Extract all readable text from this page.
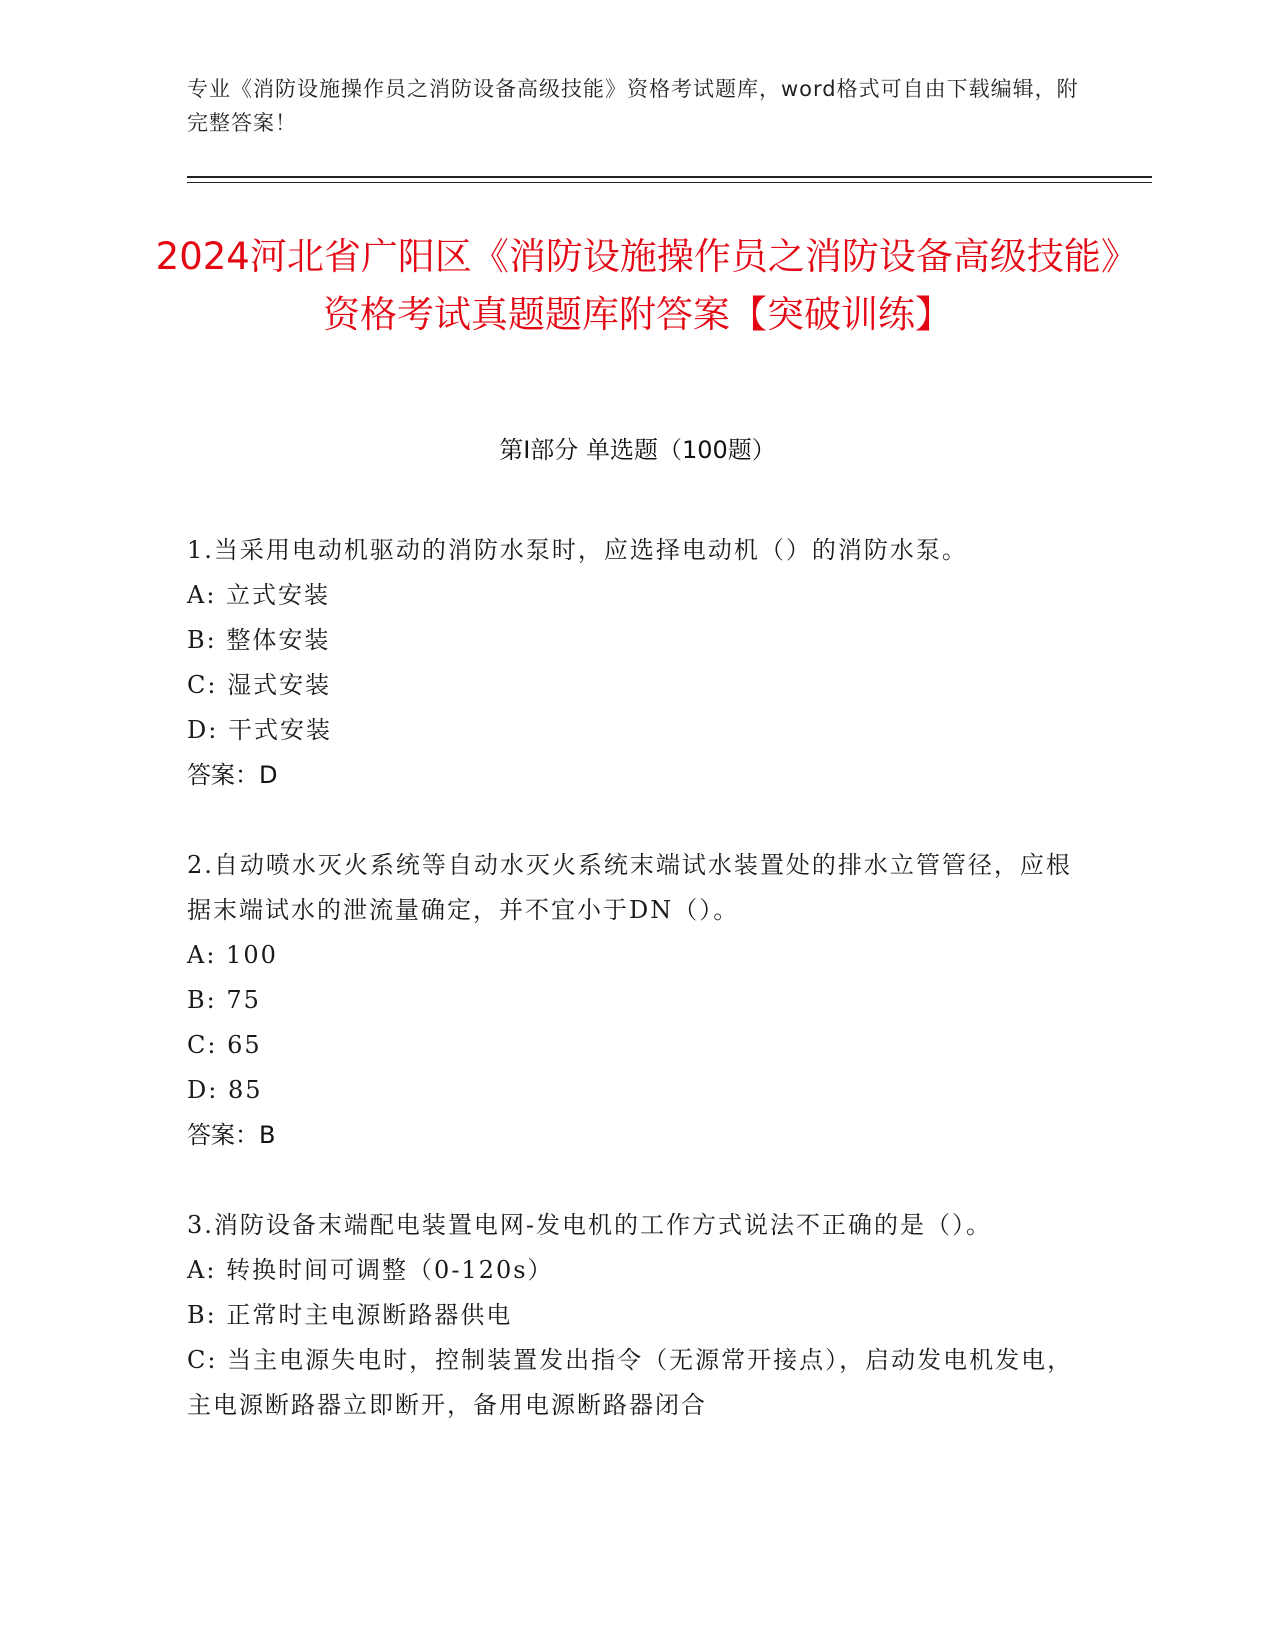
专业《消防设施操作员之消防设备高级技能》资格考试题库，word格式可自由下载编辑，附完整答案！
2024河北省广阳区《消防设施操作员之消防设备高级技能》资格考试真题题库附答案【突破训练】
第I部分 单选题（100题）

1.当采用电动机驱动的消防水泵时，应选择电动机（）的消防水泵。

A: 立式安装

B: 整体安装

C: 湿式安装

D: 干式安装

答案：D

2.自动喷水灭火系统等自动水灭火系统末端试水装置处的排水立管管径，应根据末端试水的泄流量确定，并不宜小于DN（）。

A: 100

B: 75

C: 65

D: 85

答案：B

3.消防设备末端配电装置电网-发电机的工作方式说法不正确的是（）。

A: 转换时间可调整（0-120s）

B: 正常时主电源断路器供电

C: 当主电源失电时，控制装置发出指令（无源常开接点），启动发电机发电，主电源断路器立即断开，备用电源断路器闭合
